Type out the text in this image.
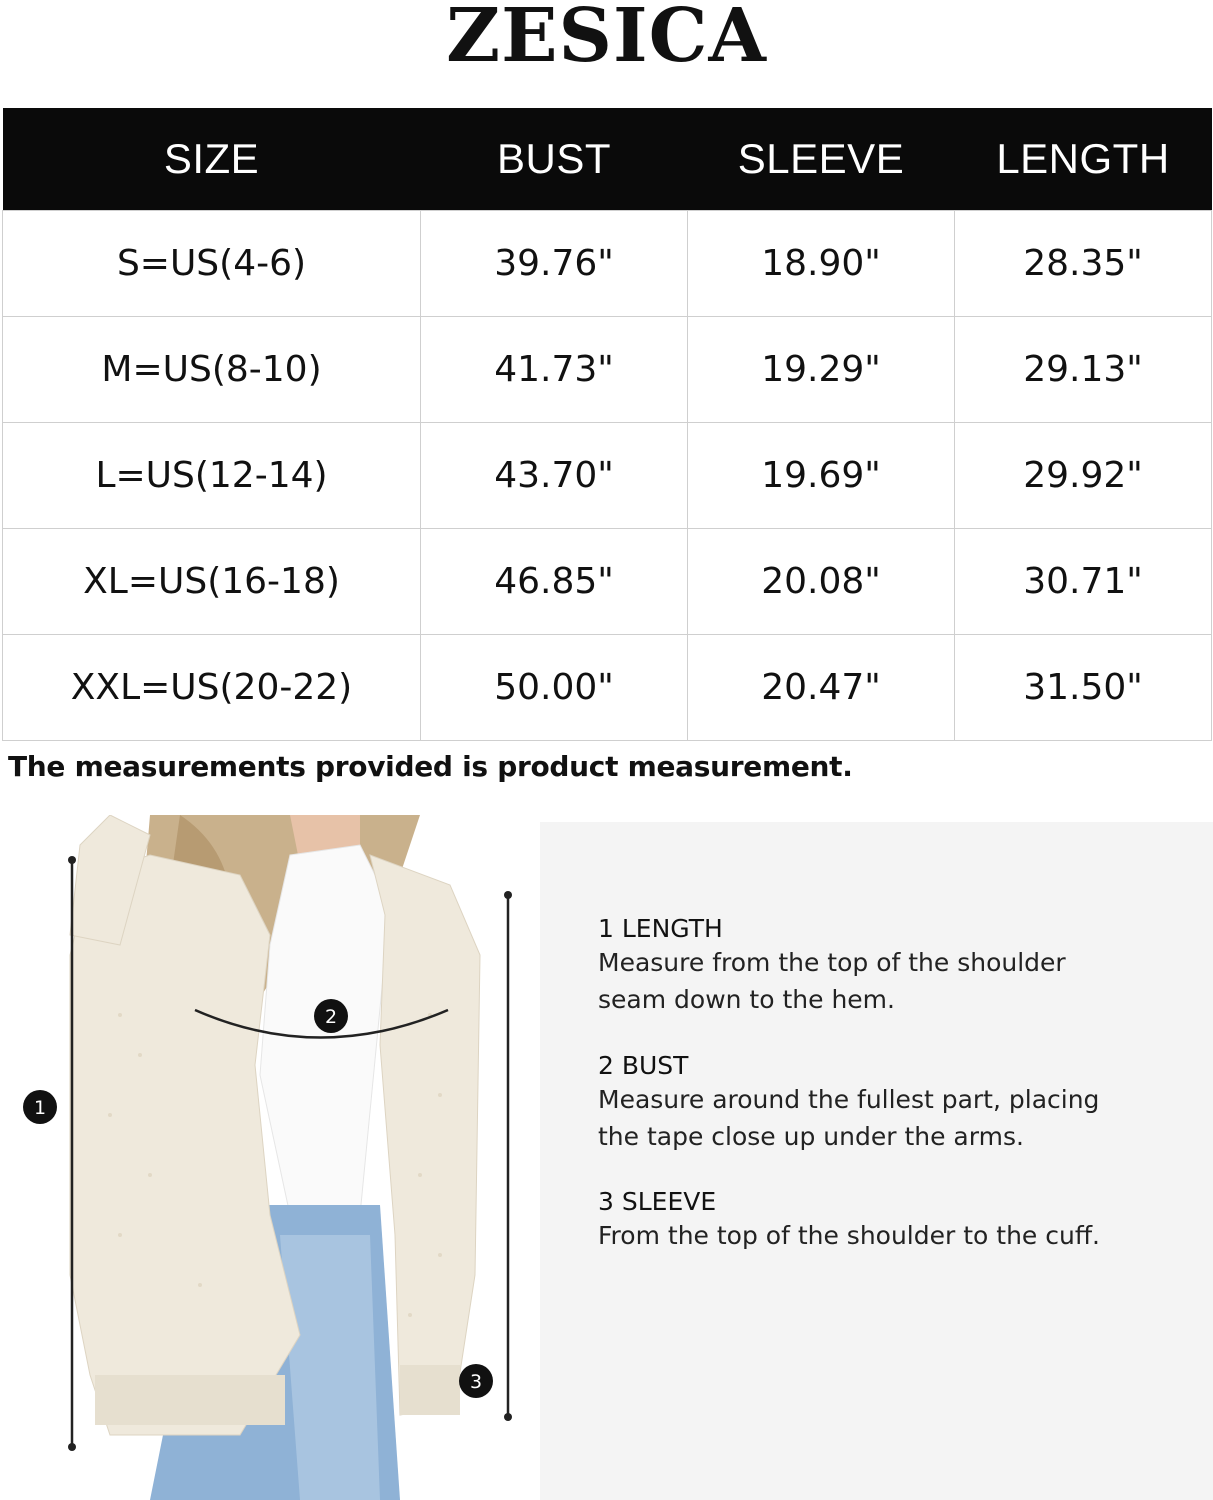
ZESICA
SIZE	BUST	SLEEVE	LENGTH
S=US(4-6)	39.76"	18.90"	28.35"
M=US(8-10)	41.73"	19.29"	29.13"
L=US(12-14)	43.70"	19.69"	29.92"
XL=US(16-18)	46.85"	20.08"	30.71"
XXL=US(20-22)	50.00"	20.47"	31.50"
The measurements provided is product measurement.
1
2
3
1 LENGTH
Measure from the top of the shoulder
seam down to the hem.
2 BUST
Measure around the fullest part, placing
the tape close up under the arms.
3 SLEEVE
From the top of the shoulder to the cuff.
